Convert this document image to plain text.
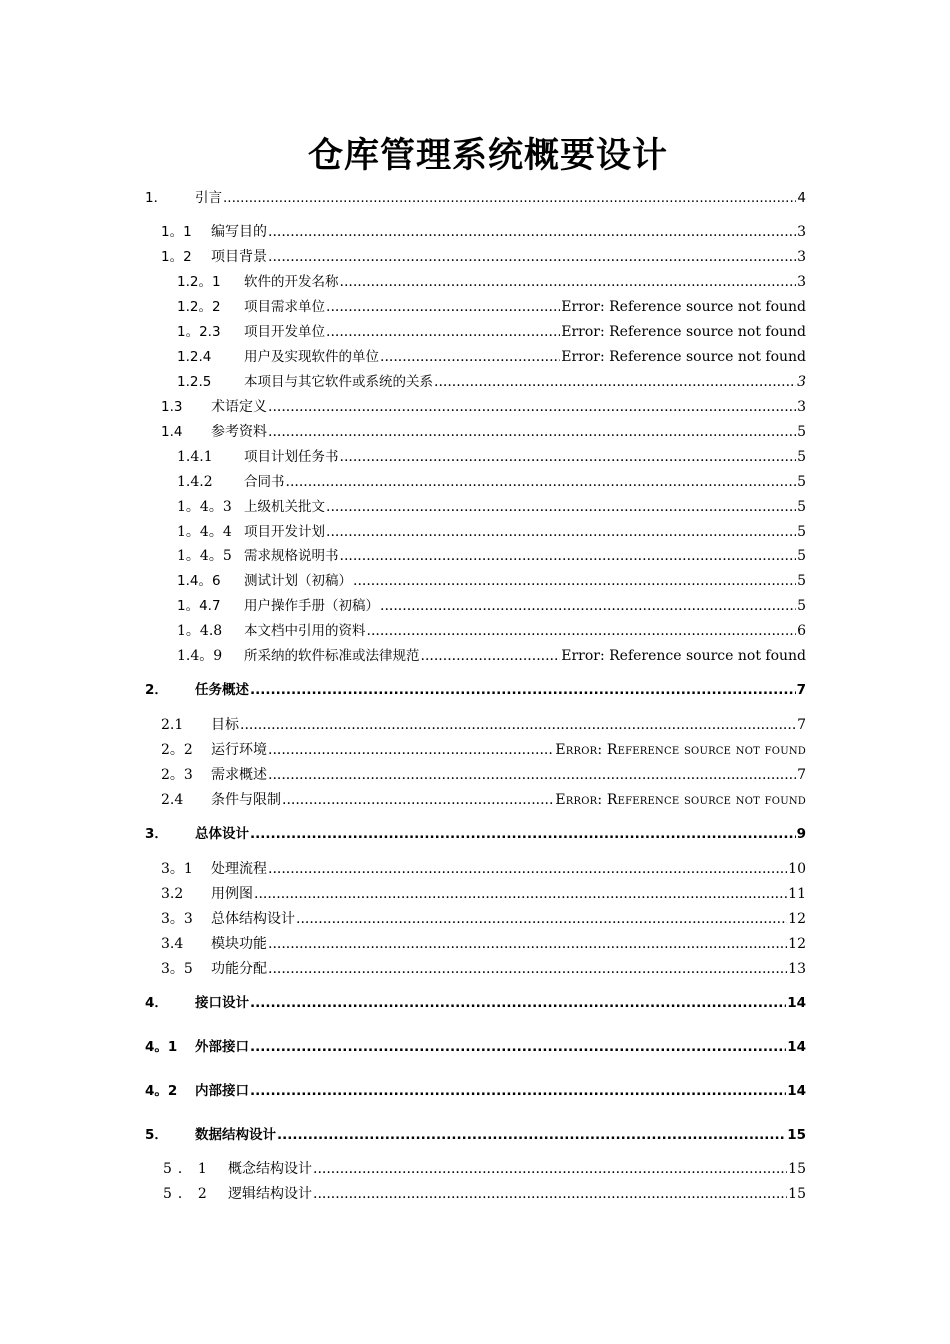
仓库管理系统概要设计
1．	引言 .....	4
1。1	编写目的 .....	3
1。2	项目背景 .....	3
1.2。1	软件的开发名称 .....	3
1.2。2	项目需求单位 .....	Error: Reference source not found
1。2.3	项目开发单位 .....	Error: Reference source not found
1.2.4	用户及实现软件的单位 .....	Error: Reference source not found
1.2.5	本项目与其它软件或系统的关系 .....	3
1.3	术语定义 .....	3
1.4	参考资料 .....	5
1.4.1	项目计划任务书 .....	5
1.4.2	合同书 .....	5
1。4。3 上级机关批文 .....	5
1。4。4 项目开发计划 .....	5
1。4。5 需求规格说明书 .....	5
1.4。6	测试计划（初稿） .....	5
1。4.7	用户操作手册（初稿） .....	5
1。4.8	本文档中引用的资料 .....	6
1.4。9	所采纳的软件标准或法律规范 .....	Error: Reference source not found
2．	任务概述 .....	7
2.1	目标 .....	7
2。2	运行环境 .....	Error: Reference source not found
2。3	需求概述 .....	7
2.4	条件与限制 .....	Error: Reference source not found
3．	总体设计 .....	9
3。1	处理流程 .....	10
3.2	用例图 .....	11
3。3	总体结构设计 .....	12
3.4	模块功能 .....	12
3。5	功能分配 .....	13
4．	接口设计 .....	14
4。1	外部接口 .....	14
4。2	内部接口 .....	14
5．	数据结构设计 .....	15
5．1	概念结构设计 .....	15
5．2	逻辑结构设计 .....	15
